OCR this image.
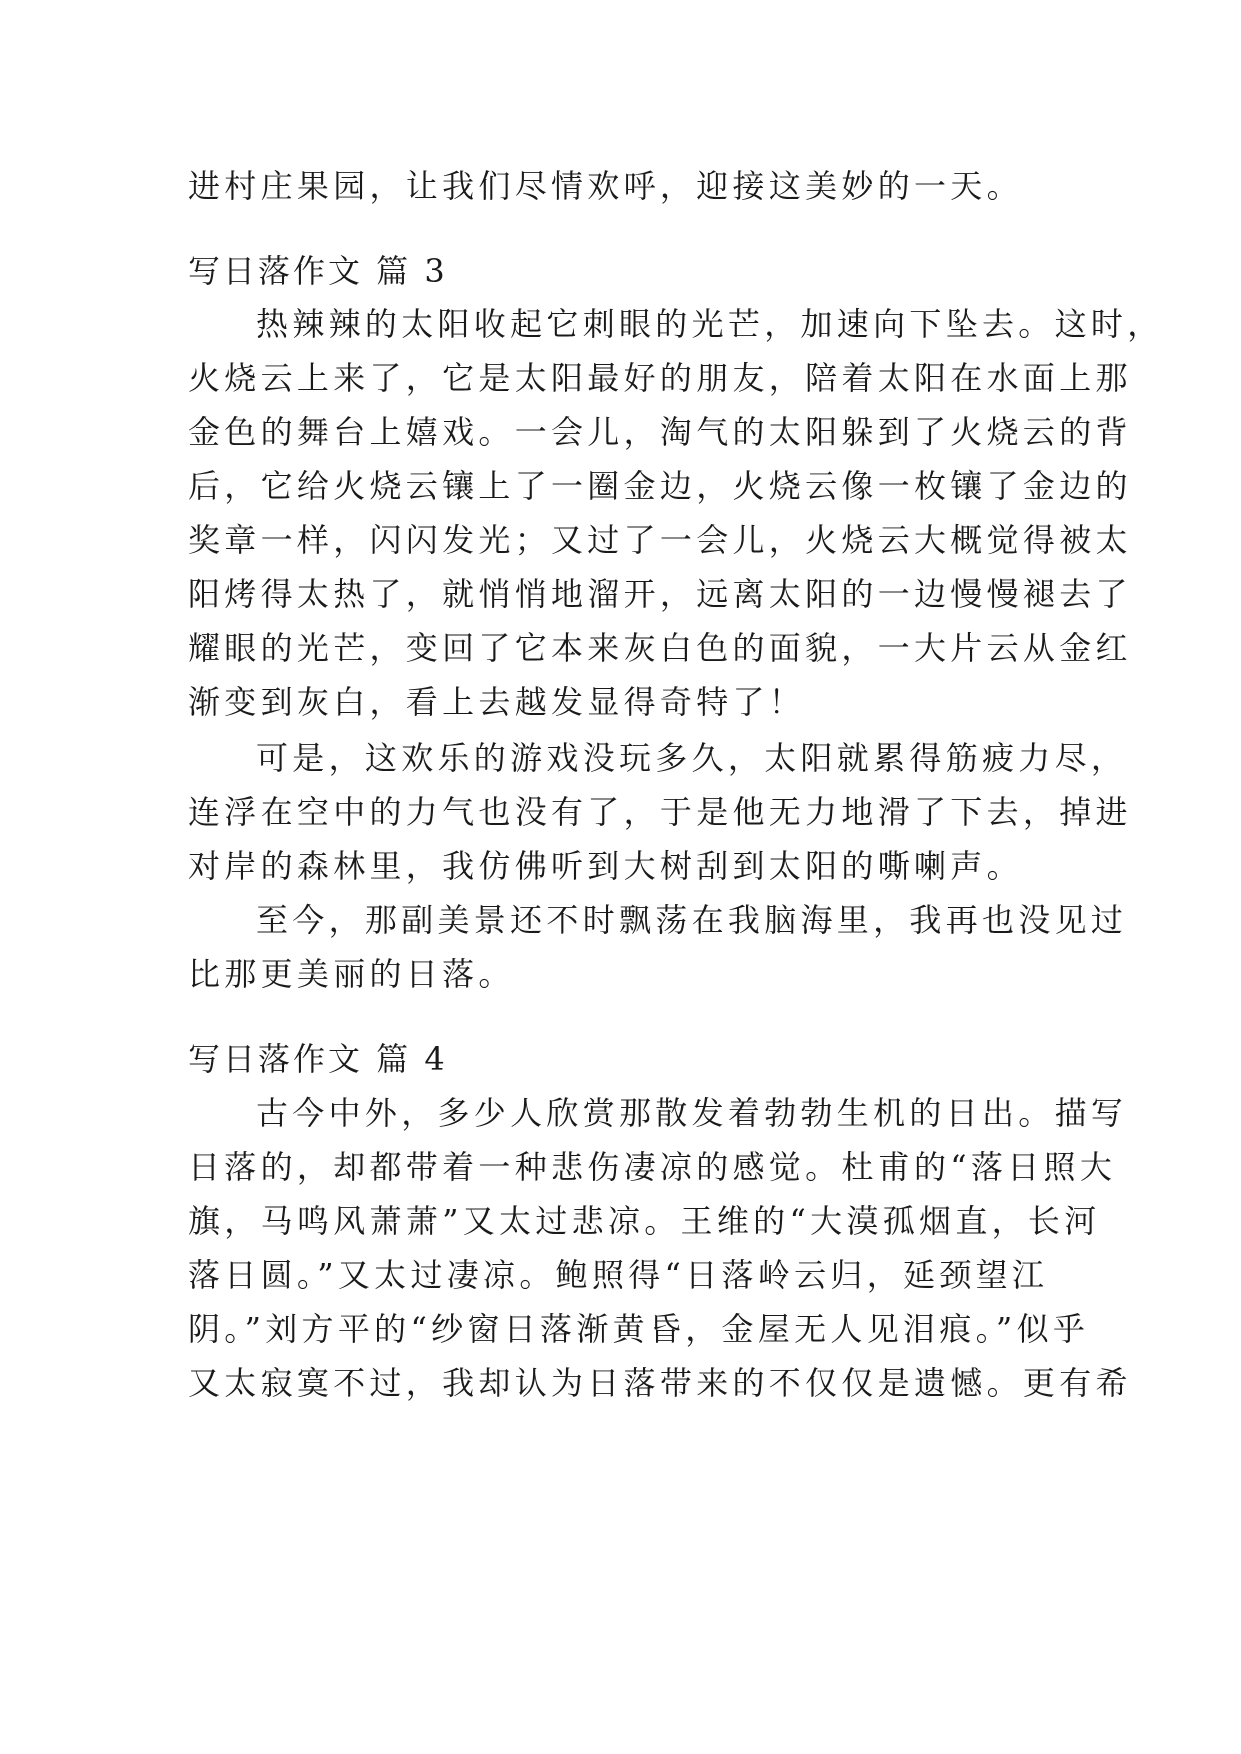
进村庄果园，让我们尽情欢呼，迎接这美妙的一天。
写日落作文 篇 3
热辣辣的太阳收起它刺眼的光芒，加速向下坠去。这时，
火烧云上来了，它是太阳最好的朋友，陪着太阳在水面上那
金色的舞台上嬉戏。一会儿，淘气的太阳躲到了火烧云的背
后，它给火烧云镶上了一圈金边，火烧云像一枚镶了金边的
奖章一样，闪闪发光；又过了一会儿，火烧云大概觉得被太
阳烤得太热了，就悄悄地溜开，远离太阳的一边慢慢褪去了
耀眼的光芒，变回了它本来灰白色的面貌，一大片云从金红
渐变到灰白，看上去越发显得奇特了！
可是，这欢乐的游戏没玩多久，太阳就累得筋疲力尽，
连浮在空中的力气也没有了，于是他无力地滑了下去，掉进
对岸的森林里，我仿佛听到大树刮到太阳的嘶喇声。
至今，那副美景还不时飘荡在我脑海里，我再也没见过
比那更美丽的日落。
写日落作文 篇 4
古今中外，多少人欣赏那散发着勃勃生机的日出。描写
日落的，却都带着一种悲伤凄凉的感觉。杜甫的“落日照大
旗，马鸣风萧萧”又太过悲凉。王维的“大漠孤烟直，长河
落日圆。”又太过凄凉。鲍照得“日落岭云归，延颈望江
阴。”刘方平的“纱窗日落渐黄昏，金屋无人见泪痕。”似乎
又太寂寞不过，我却认为日落带来的不仅仅是遗憾。更有希
